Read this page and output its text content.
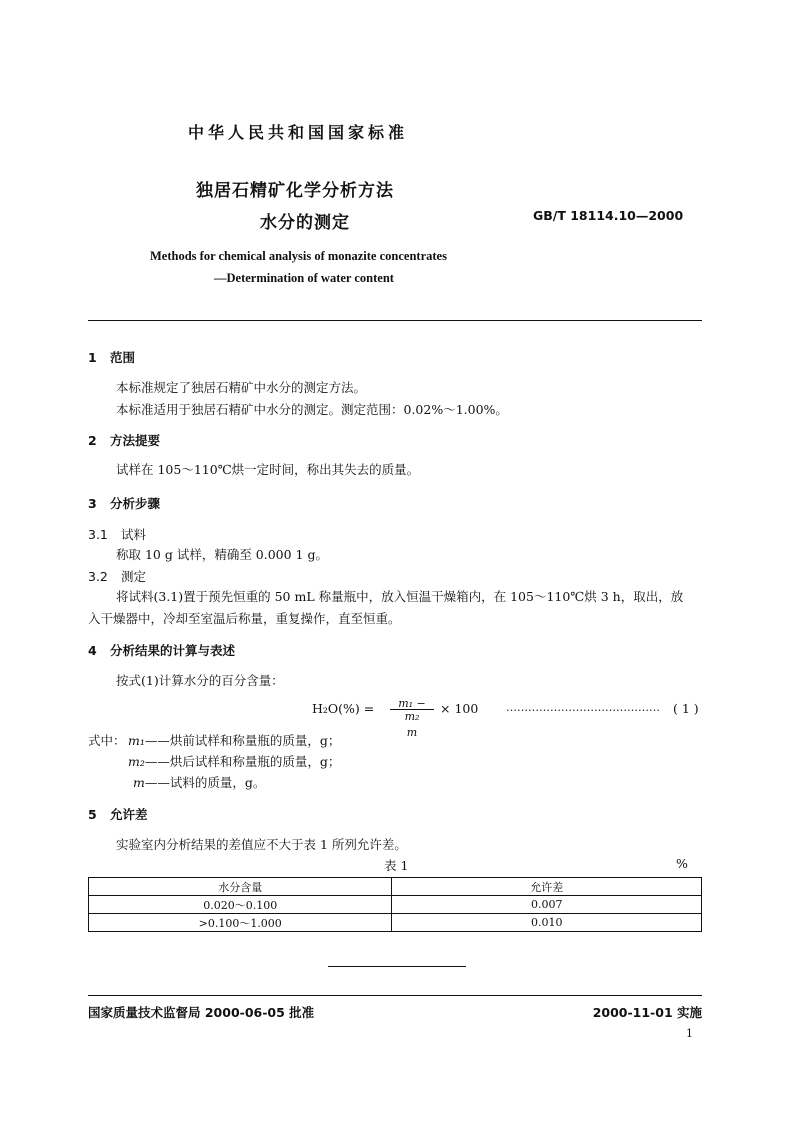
中华人民共和国国家标准
独居石精矿化学分析方法
水分的测定	GB/T 18114.10—2000
Methods for chemical analysis of monazite concentrates
—Determination of water content
1 范围
本标准规定了独居石精矿中水分的测定方法。
本标准适用于独居石精矿中水分的测定。测定范围：0.02%～1.00%。
2 方法提要
试样在 105～110℃烘一定时间，称出其失去的质量。
3 分析步骤
3.1 试料
称取 10 g 试样，精确至 0.000 1 g。
3.2 测定
将试料(3.1)置于预先恒重的 50 mL 称量瓶中，放入恒温干燥箱内，在 105～110℃烘 3 h，取出，放
入干燥器中，冷却至室温后称量，重复操作，直至恒重。
4 分析结果的计算与表述
按式(1)计算水分的百分含量：
H₂O(%) =	m₁ − m₂
m
× 100	…………………………………… ( 1 )
式中： m₁——烘前试样和称量瓶的质量，g；
m₂——烘后试样和称量瓶的质量，g；
m——试料的质量，g。
5 允许差
实验室内分析结果的差值应不大于表 1 所列允许差。
表 1	%
水分含量	允许差
0.020～0.100	0.007
>0.100～1.000	0.010
国家质量技术监督局 2000-06-05 批准	2000-11-01 实施
1
